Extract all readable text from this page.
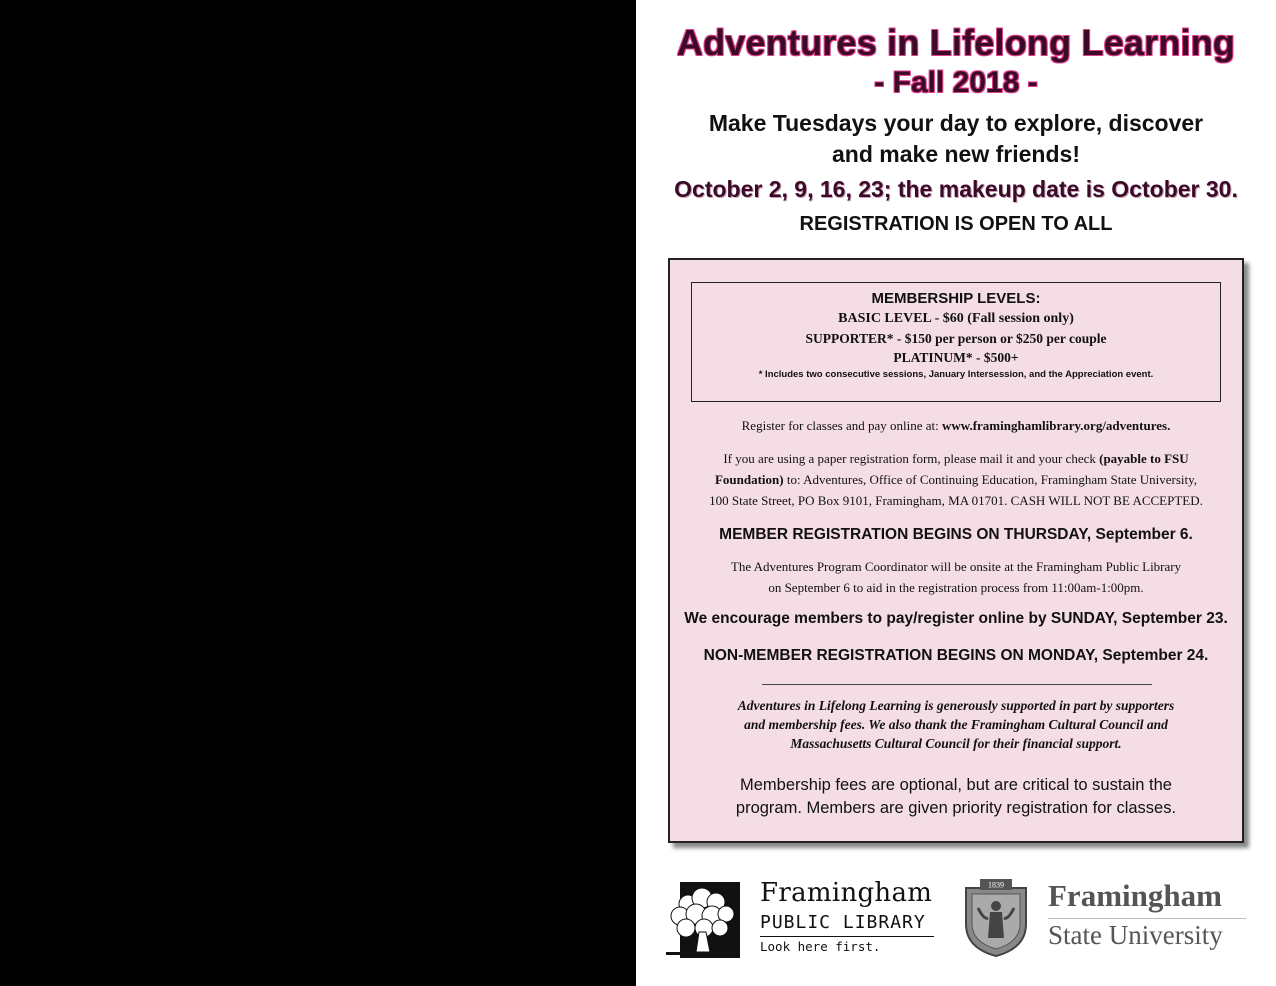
Adventures in Lifelong Learning
- Fall 2018 -
Make Tuesdays your day to explore, discover
and make new friends!
October 2, 9, 16, 23; the makeup date is October 30.
REGISTRATION IS OPEN TO ALL
MEMBERSHIP LEVELS:
BASIC LEVEL - $60 (Fall session only)
SUPPORTER* - $150 per person or $250 per couple
PLATINUM* - $500+
* Includes two consecutive sessions, January Intersession, and the Appreciation event.
Register for classes and pay online at: www.framinghamlibrary.org/adventures.
If you are using a paper registration form, please mail it and your check (payable to FSU
Foundation) to: Adventures, Office of Continuing Education, Framingham State University,
100 State Street, PO Box 9101, Framingham, MA 01701. CASH WILL NOT BE ACCEPTED.
MEMBER REGISTRATION BEGINS ON THURSDAY, September 6.
The Adventures Program Coordinator will be onsite at the Framingham Public Library
on September 6 to aid in the registration process from 11:00am-1:00pm.
We encourage members to pay/register online by SUNDAY, September 23.
NON-MEMBER REGISTRATION BEGINS ON MONDAY, September 24.
Adventures in Lifelong Learning is generously supported in part by supporters
and membership fees. We also thank the Framingham Cultural Council and
Massachusetts Cultural Council for their financial support.
Membership fees are optional, but are critical to sustain the
program. Members are given priority registration for classes.
Framingham
PUBLIC LIBRARY
Look here first.
1839 Framingham
State University
